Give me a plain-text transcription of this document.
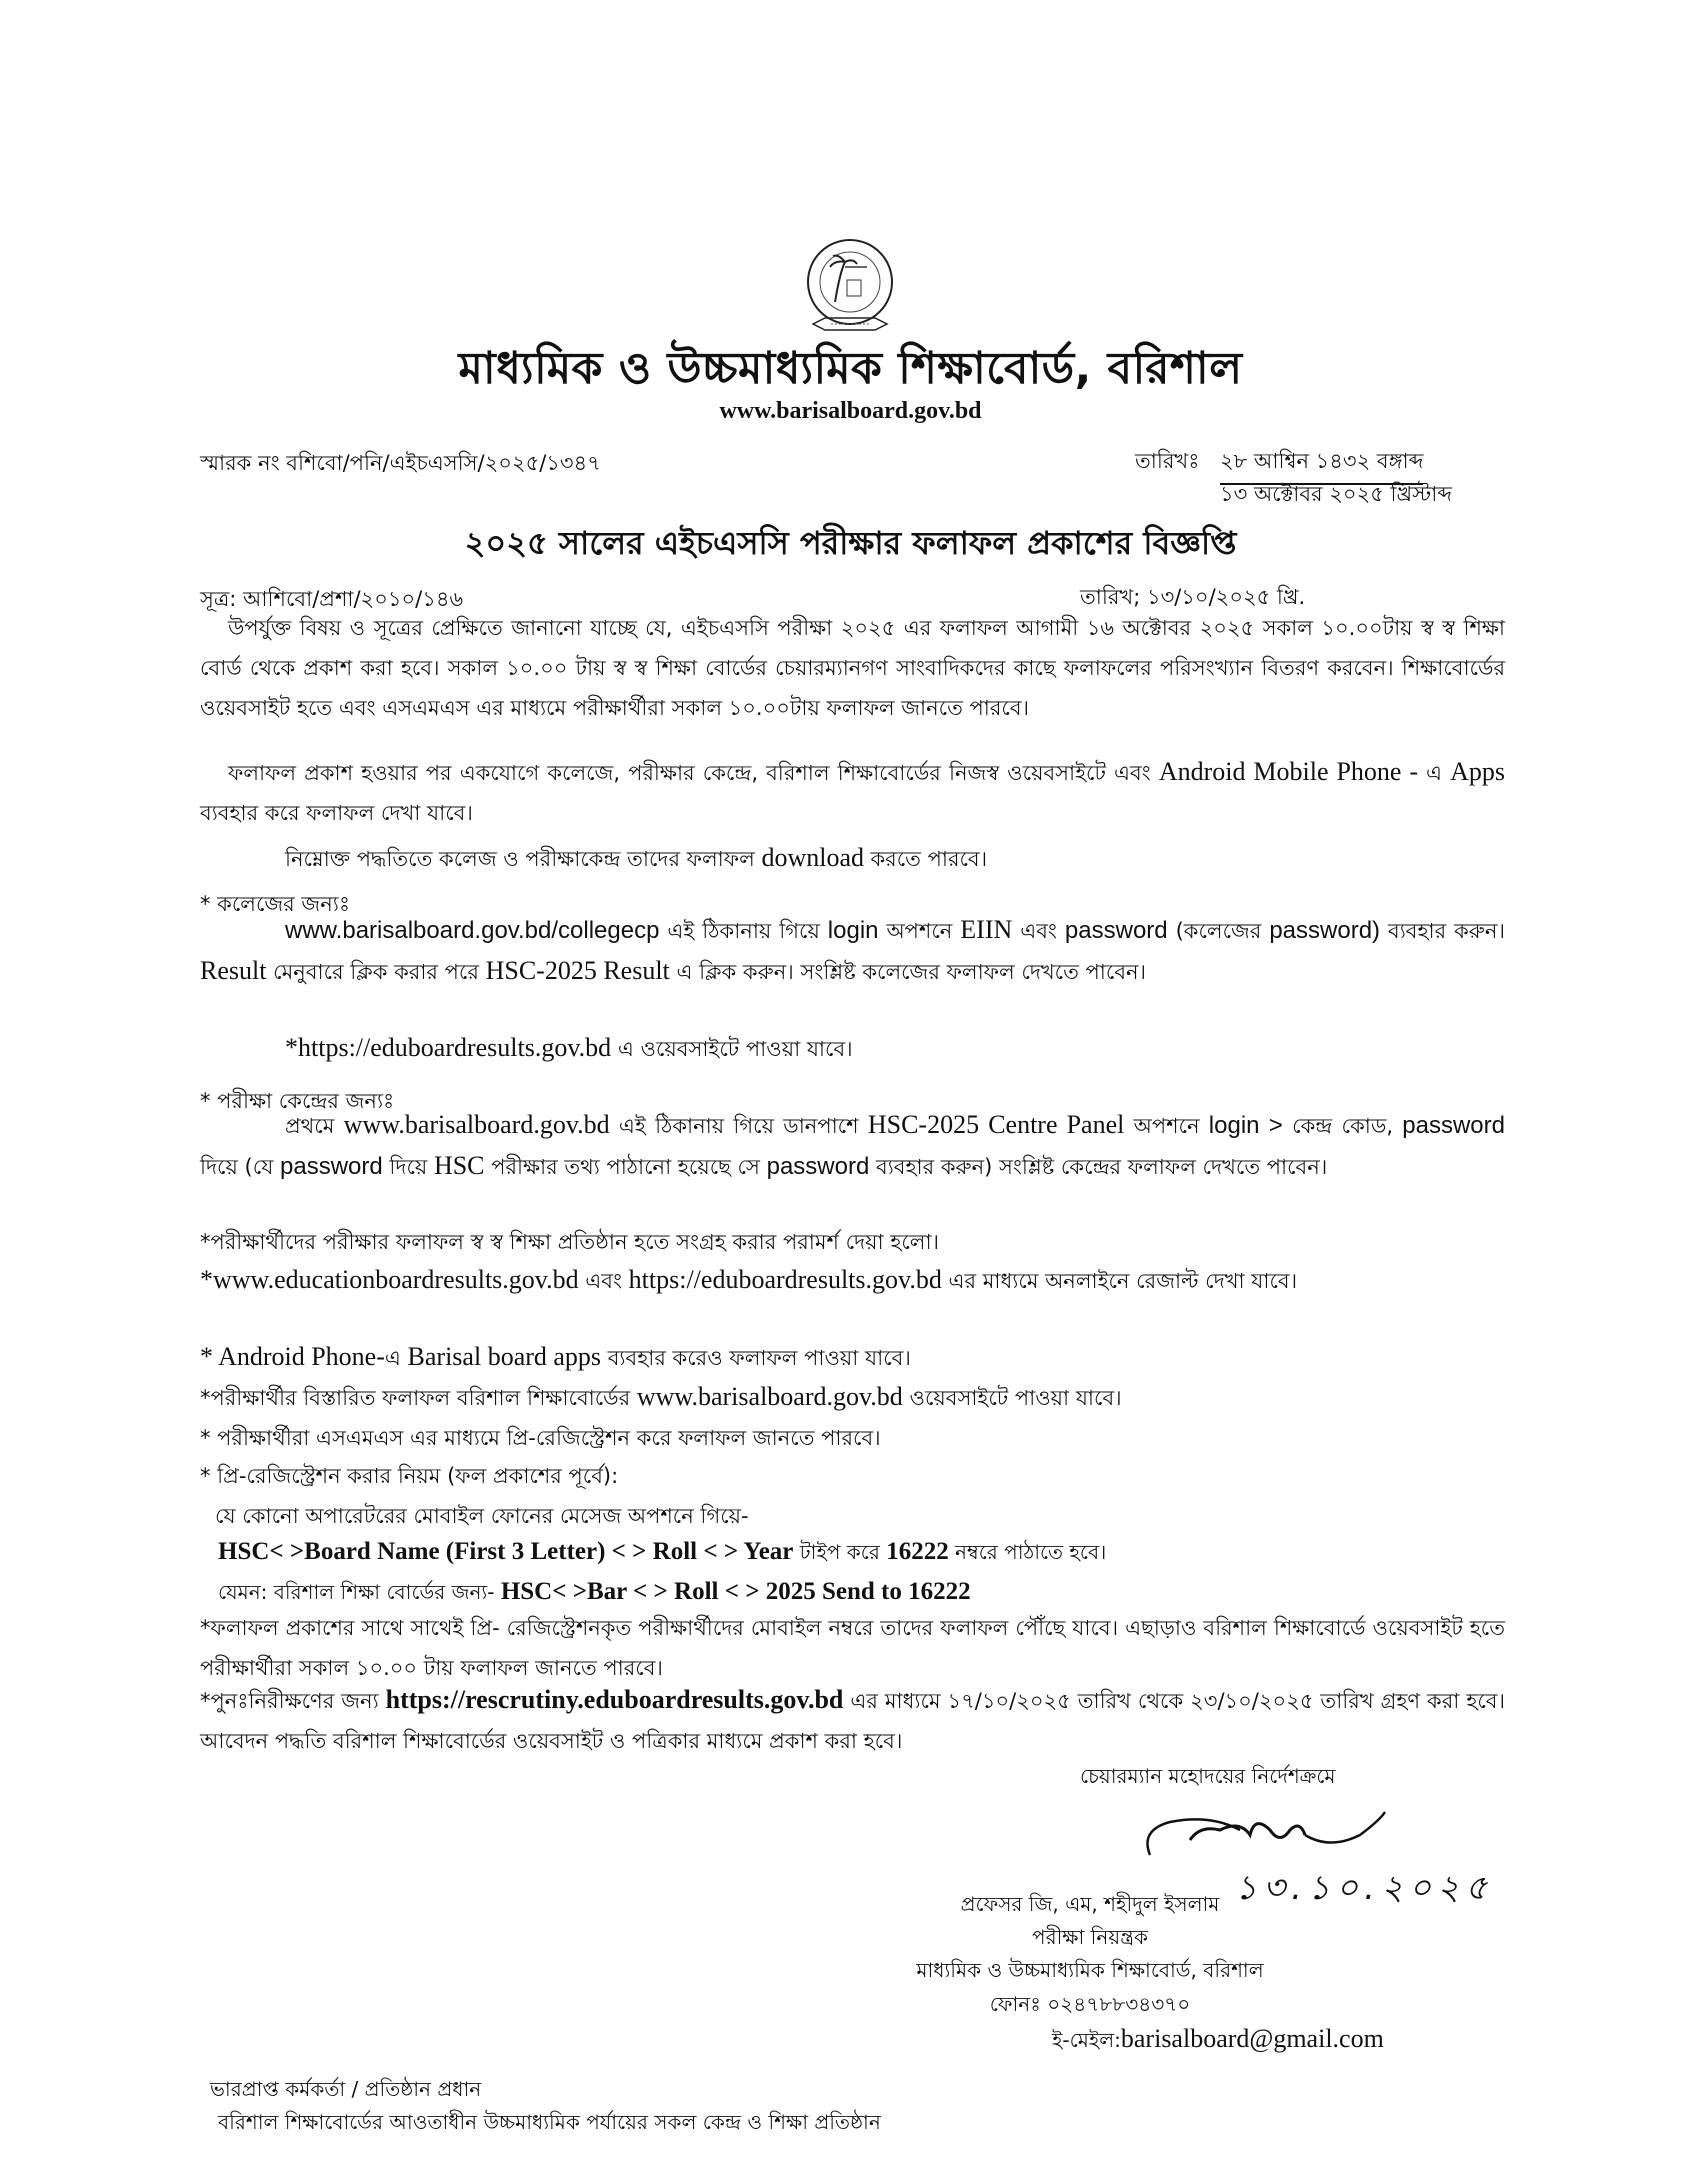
মাধ্যমিক ও উচ্চমাধ্যমিক শিক্ষাবোর্ড, বরিশাল
www.barisalboard.gov.bd
স্মারক নং বশিবো/পনি/এইচএসসি/২০২৫/১৩৪৭	তারিখঃ ২৮ আশ্বিন ১৪৩২ বঙ্গাব্দ
১৩ অক্টোবর ২০২৫ খ্রিস্টাব্দ
২০২৫ সালের এইচএসসি পরীক্ষার ফলাফল প্রকাশের বিজ্ঞপ্তি
সূত্র: আশিবো/প্রশা/২০১০/১৪৬	তারিখ; ১৩/১০/২০২৫ খ্রি.
উপর্যুক্ত বিষয় ও সূত্রের প্রেক্ষিতে জানানো যাচ্ছে যে, এইচএসসি পরীক্ষা ২০২৫ এর ফলাফল আগামী ১৬ অক্টোবর ২০২৫ সকাল ১০.০০টায় স্ব স্ব শিক্ষা বোর্ড থেকে প্রকাশ করা হবে। সকাল ১০.০০ টায় স্ব স্ব শিক্ষা বোর্ডের চেয়ারম্যানগণ সাংবাদিকদের কাছে ফলাফলের পরিসংখ্যান বিতরণ করবেন। শিক্ষাবোর্ডের ওয়েবসাইট হতে এবং এসএমএস এর মাধ্যমে পরীক্ষার্থীরা সকাল ১০.০০টায় ফলাফল জানতে পারবে।
ফলাফল প্রকাশ হওয়ার পর একযোগে কলেজে, পরীক্ষার কেন্দ্রে, বরিশাল শিক্ষাবোর্ডের নিজস্ব ওয়েবসাইটে এবং Android Mobile Phone - এ Apps ব্যবহার করে ফলাফল দেখা যাবে।
নিম্নোক্ত পদ্ধতিতে কলেজ ও পরীক্ষাকেন্দ্র তাদের ফলাফল download করতে পারবে।
* কলেজের জন্যঃ
www.barisalboard.gov.bd/collegecp এই ঠিকানায় গিয়ে login অপশনে EIIN এবং password (কলেজের password) ব্যবহার করুন। Result মেনুবারে ক্লিক করার পরে HSC-2025 Result এ ক্লিক করুন। সংশ্লিষ্ট কলেজের ফলাফল দেখতে পাবেন।
*https://eduboardresults.gov.bd এ ওয়েবসাইটে পাওয়া যাবে।
* পরীক্ষা কেন্দ্রের জন্যঃ
প্রথমে www.barisalboard.gov.bd এই ঠিকানায় গিয়ে ডানপাশে HSC-2025 Centre Panel অপশনে login > কেন্দ্র কোড, password দিয়ে (যে password দিয়ে HSC পরীক্ষার তথ্য পাঠানো হয়েছে সে password ব্যবহার করুন) সংশ্লিষ্ট কেন্দ্রের ফলাফল দেখতে পাবেন।
*পরীক্ষার্থীদের পরীক্ষার ফলাফল স্ব স্ব শিক্ষা প্রতিষ্ঠান হতে সংগ্রহ করার পরামর্শ দেয়া হলো।
*www.educationboardresults.gov.bd এবং https://eduboardresults.gov.bd এর মাধ্যমে অনলাইনে রেজাল্ট দেখা যাবে।
* Android Phone-এ Barisal board apps ব্যবহার করেও ফলাফল পাওয়া যাবে।
*পরীক্ষার্থীর বিস্তারিত ফলাফল বরিশাল শিক্ষাবোর্ডের www.barisalboard.gov.bd ওয়েবসাইটে পাওয়া যাবে।
* পরীক্ষার্থীরা এসএমএস এর মাধ্যমে প্রি-রেজিস্ট্রেশন করে ফলাফল জানতে পারবে।
* প্রি-রেজিস্ট্রেশন করার নিয়ম (ফল প্রকাশের পূর্বে):
যে কোনো অপারেটরের মোবাইল ফোনের মেসেজ অপশনে গিয়ে-
HSC< >Board Name (First 3 Letter) < > Roll < > Year টাইপ করে 16222 নম্বরে পাঠাতে হবে।
যেমন: বরিশাল শিক্ষা বোর্ডের জন্য- HSC< >Bar < > Roll < > 2025 Send to 16222
*ফলাফল প্রকাশের সাথে সাথেই প্রি- রেজিস্ট্রেশনকৃত পরীক্ষার্থীদের মোবাইল নম্বরে তাদের ফলাফল পৌঁছে যাবে। এছাড়াও বরিশাল শিক্ষাবোর্ডে ওয়েবসাইট হতে পরীক্ষার্থীরা সকাল ১০.০০ টায় ফলাফল জানতে পারবে।
*পুনঃনিরীক্ষণের জন্য https://rescrutiny.eduboardresults.gov.bd এর মাধ্যমে ১৭/১০/২০২৫ তারিখ থেকে ২৩/১০/২০২৫ তারিখ গ্রহণ করা হবে। আবেদন পদ্ধতি বরিশাল শিক্ষাবোর্ডের ওয়েবসাইট ও পত্রিকার মাধ্যমে প্রকাশ করা হবে।
চেয়ারম্যান মহোদয়ের নির্দেশক্রমে
১৩.১০.২০২৫
প্রফেসর জি, এম, শহীদুল ইসলাম
পরীক্ষা নিয়ন্ত্রক
মাধ্যমিক ও উচ্চমাধ্যমিক শিক্ষাবোর্ড, বরিশাল
ফোনঃ ০২৪৭৮৮৩৪৩৭০
ই-মেইল:barisalboard@gmail.com
ভারপ্রাপ্ত কর্মকর্তা / প্রতিষ্ঠান প্রধান
বরিশাল শিক্ষাবোর্ডের আওতাধীন উচ্চমাধ্যমিক পর্যায়ের সকল কেন্দ্র ও শিক্ষা প্রতিষ্ঠান
